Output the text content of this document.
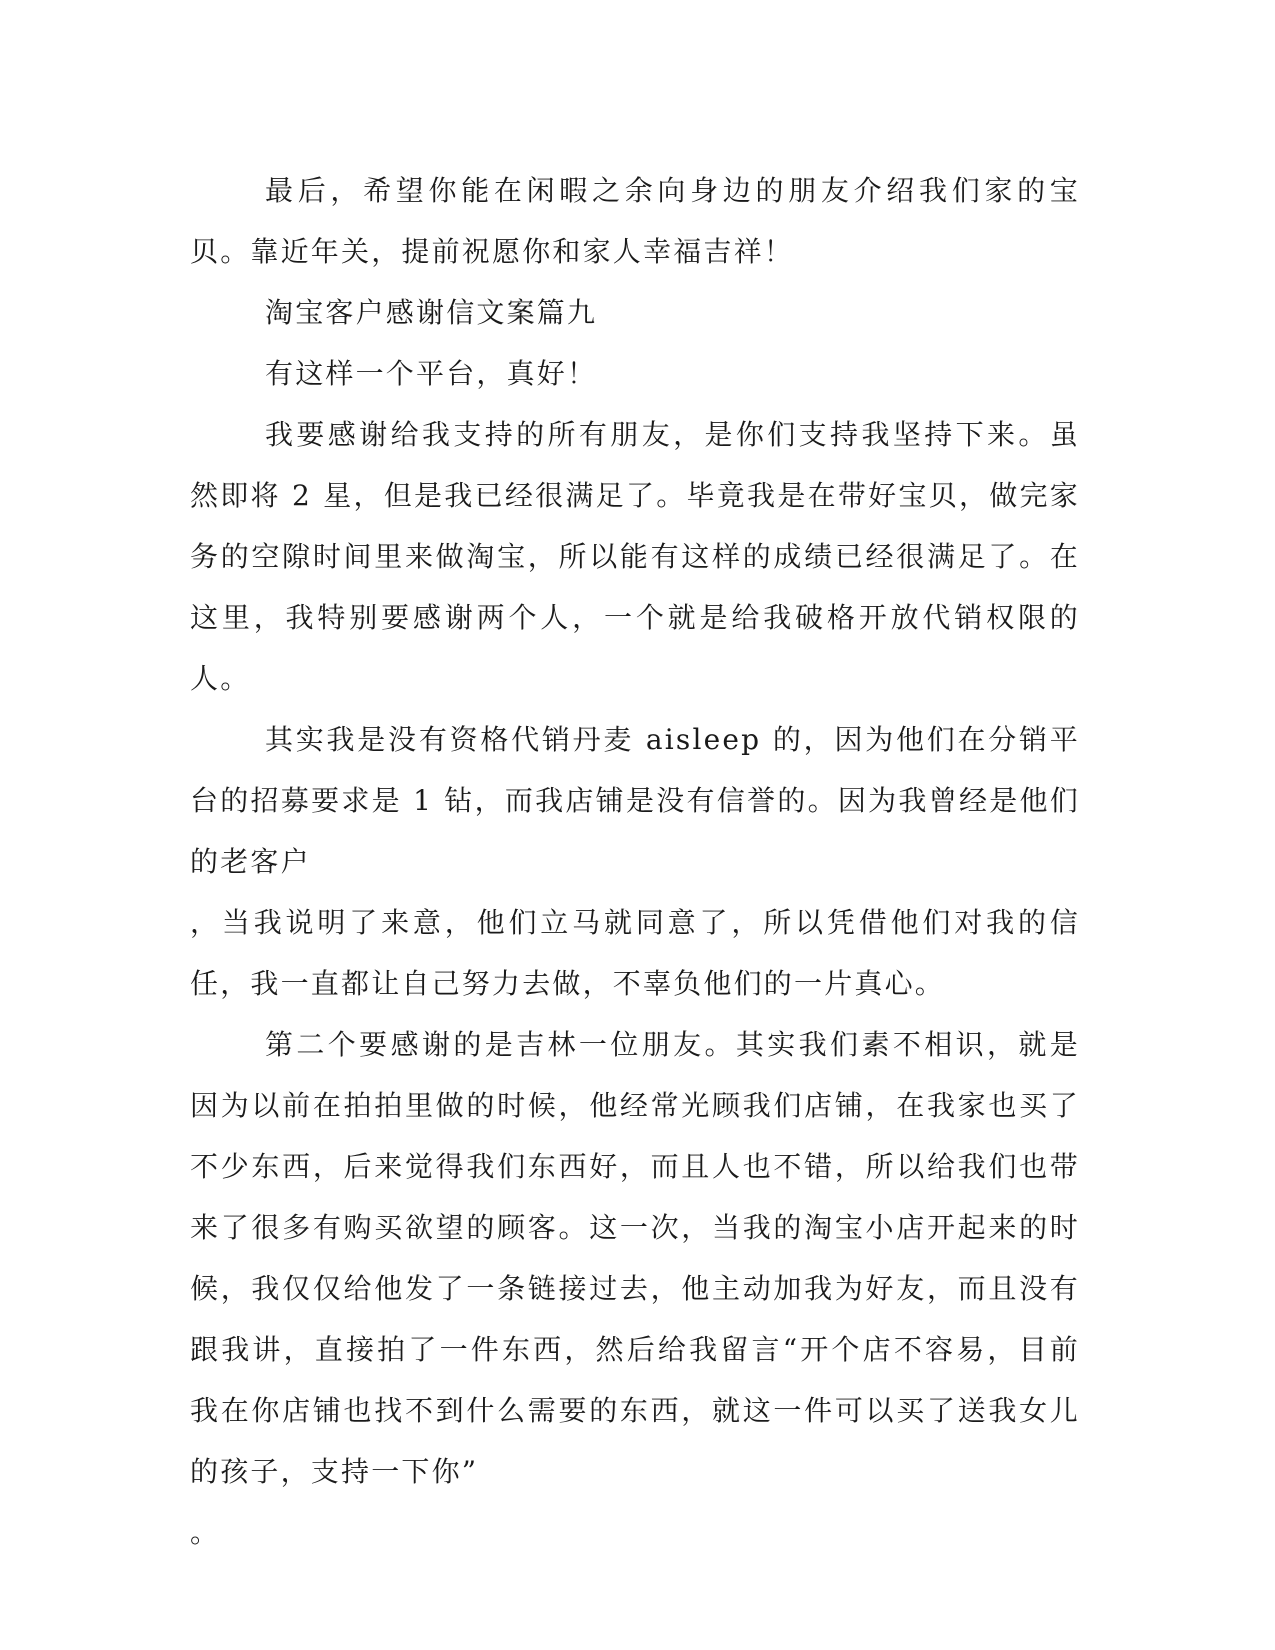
最后，希望你能在闲暇之余向身边的朋友介绍我们家的宝贝。靠近年关，提前祝愿你和家人幸福吉祥！

淘宝客户感谢信文案篇九

有这样一个平台，真好！

我要感谢给我支持的所有朋友，是你们支持我坚持下来。虽然即将 2 星，但是我已经很满足了。毕竟我是在带好宝贝，做完家务的空隙时间里来做淘宝，所以能有这样的成绩已经很满足了。在这里，我特别要感谢两个人，一个就是给我破格开放代销权限的人。

其实我是没有资格代销丹麦 aisleep 的，因为他们在分销平台的招募要求是 1 钻，而我店铺是没有信誉的。因为我曾经是他们的老客户

，当我说明了来意，他们立马就同意了，所以凭借他们对我的信任，我一直都让自己努力去做，不辜负他们的一片真心。

第二个要感谢的是吉林一位朋友。其实我们素不相识，就是因为以前在拍拍里做的时候，他经常光顾我们店铺，在我家也买了不少东西，后来觉得我们东西好，而且人也不错，所以给我们也带来了很多有购买欲望的顾客。这一次，当我的淘宝小店开起来的时候，我仅仅给他发了一条链接过去，他主动加我为好友，而且没有跟我讲，直接拍了一件东西，然后给我留言“开个店不容易，目前我在你店铺也找不到什么需要的东西，就这一件可以买了送我女儿的孩子，支持一下你”

。
